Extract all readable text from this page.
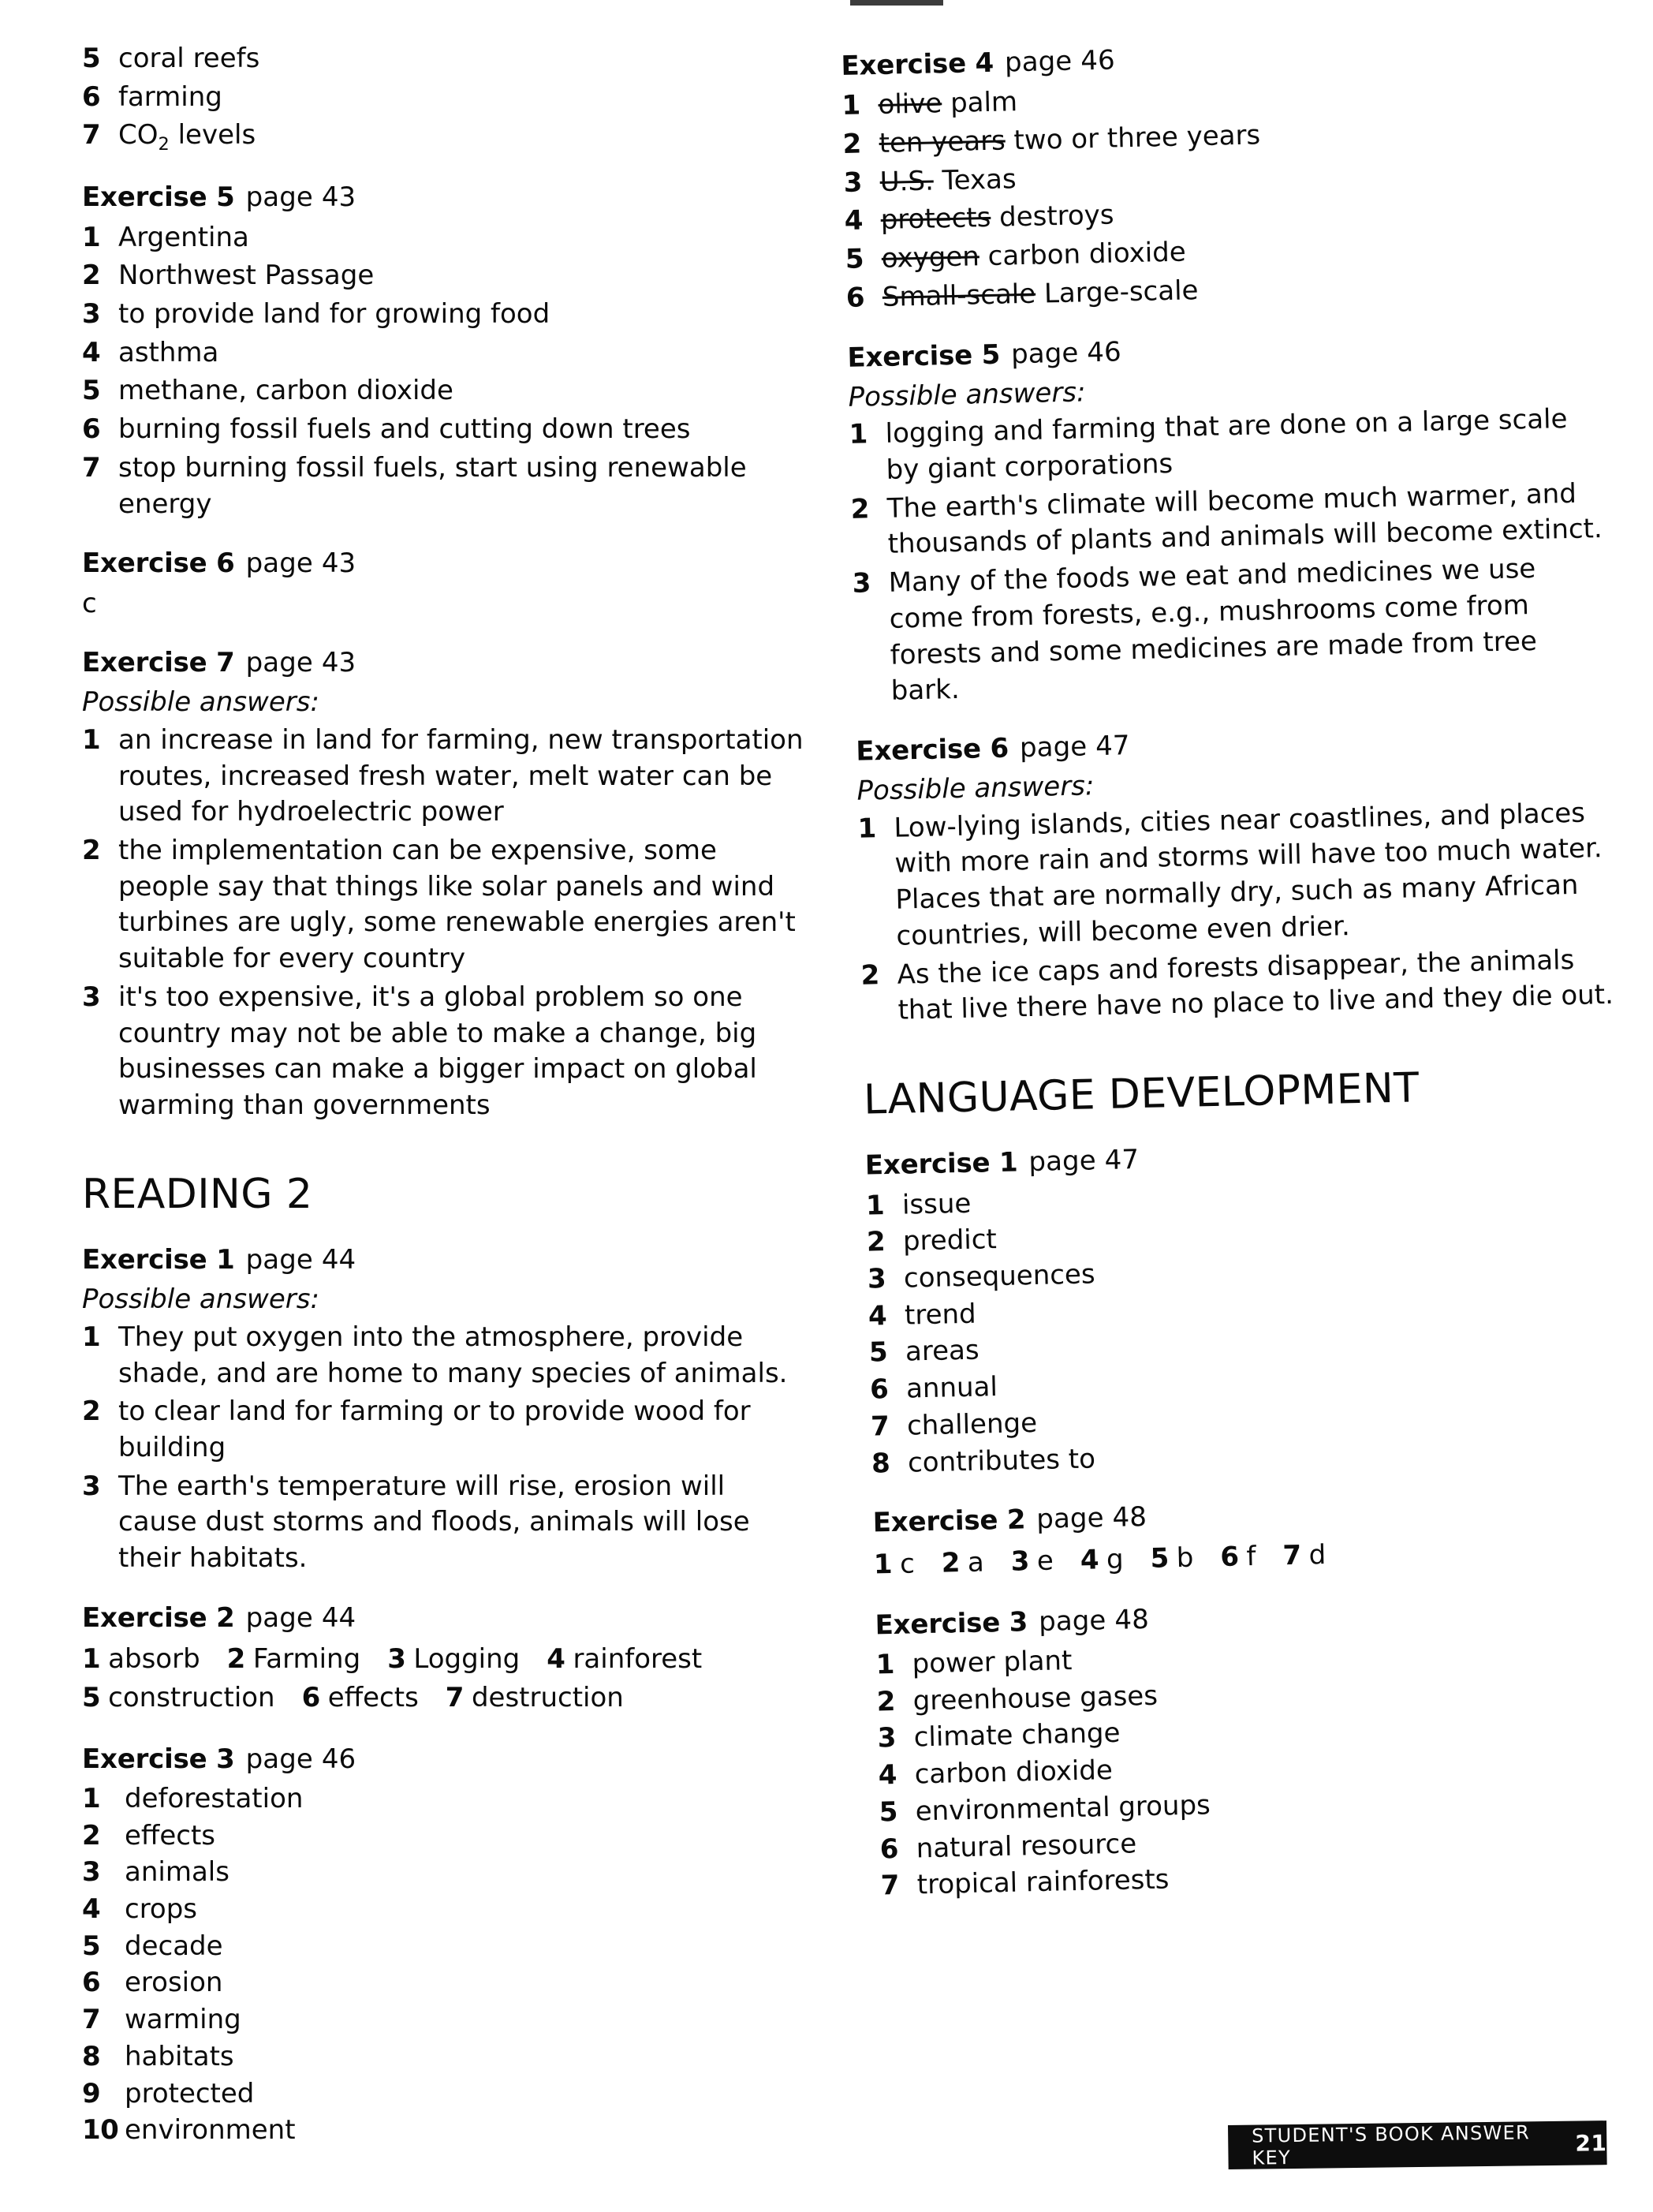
5 coral reefs
6 farming
7 $CO_2$ levels

Exercise 5 page 43

1 Argentina
2 Northwest Passage
3 to provide land for growing food
4 asthma
5 methane, carbon dioxide
6 burning fossil fuels and cutting down trees
7 stop burning fossil fuels, start using renewable energy

Exercise 6 page 43

c

Exercise 7 page 43

Possible answers:

1 an increase in land for farming, new transportation routes, increased fresh water, melt water can be used for hydroelectric power
2 the implementation can be expensive, some people say that things like solar panels and wind turbines are ugly, some renewable energies aren't suitable for every country
3 it's too expensive, it's a global problem so one country may not be able to make a change, big businesses can make a bigger impact on global warming than governments
READING 2

Exercise 1 page 44

Possible answers:

1 They put oxygen into the atmosphere, provide shade, and are home to many species of animals.
2 to clear land for farming or to provide wood for building
3 The earth's temperature will rise, erosion will cause dust storms and floods, animals will lose their habitats.

Exercise 2 page 44

1 absorb 2 Farming 3 Logging 4 rainforest

5 construction 6 effects 7 destruction

Exercise 3 page 46

1 deforestation
2 effects
3 animals
4 crops
5 decade
6 erosion
7 warming
8 habitats
9 protected
10 environment

Exercise 4 page 46

1 olive palm
2 ten years two or three years
3 U.S. Texas
4 protects destroys
5 oxygen carbon dioxide
6 Small-scale Large-scale

Exercise 5 page 46

Possible answers:

1 logging and farming that are done on a large scale by giant corporations
2 The earth's climate will become much warmer, and thousands of plants and animals will become extinct.
3 Many of the foods we eat and medicines we use come from forests, e.g., mushrooms come from forests and some medicines are made from tree bark.

Exercise 6 page 47

Possible answers:

1 Low-lying islands, cities near coastlines, and places with more rain and storms will have too much water. Places that are normally dry, such as many African countries, will become even drier.
2 As the ice caps and forests disappear, the animals that live there have no place to live and they die out.
LANGUAGE DEVELOPMENT

Exercise 1 page 47

1 issue
2 predict
3 consequences
4 trend
5 areas
6 annual
7 challenge
8 contributes to

Exercise 2 page 48

1 c 2 a 3 e 4 g 5 b 6 f 7 d

Exercise 3 page 48

1 power plant
2 greenhouse gases
3 climate change
4 carbon dioxide
5 environmental groups
6 natural resource
7 tropical rainforests
STUDENT'S BOOK ANSWER KEY
21
